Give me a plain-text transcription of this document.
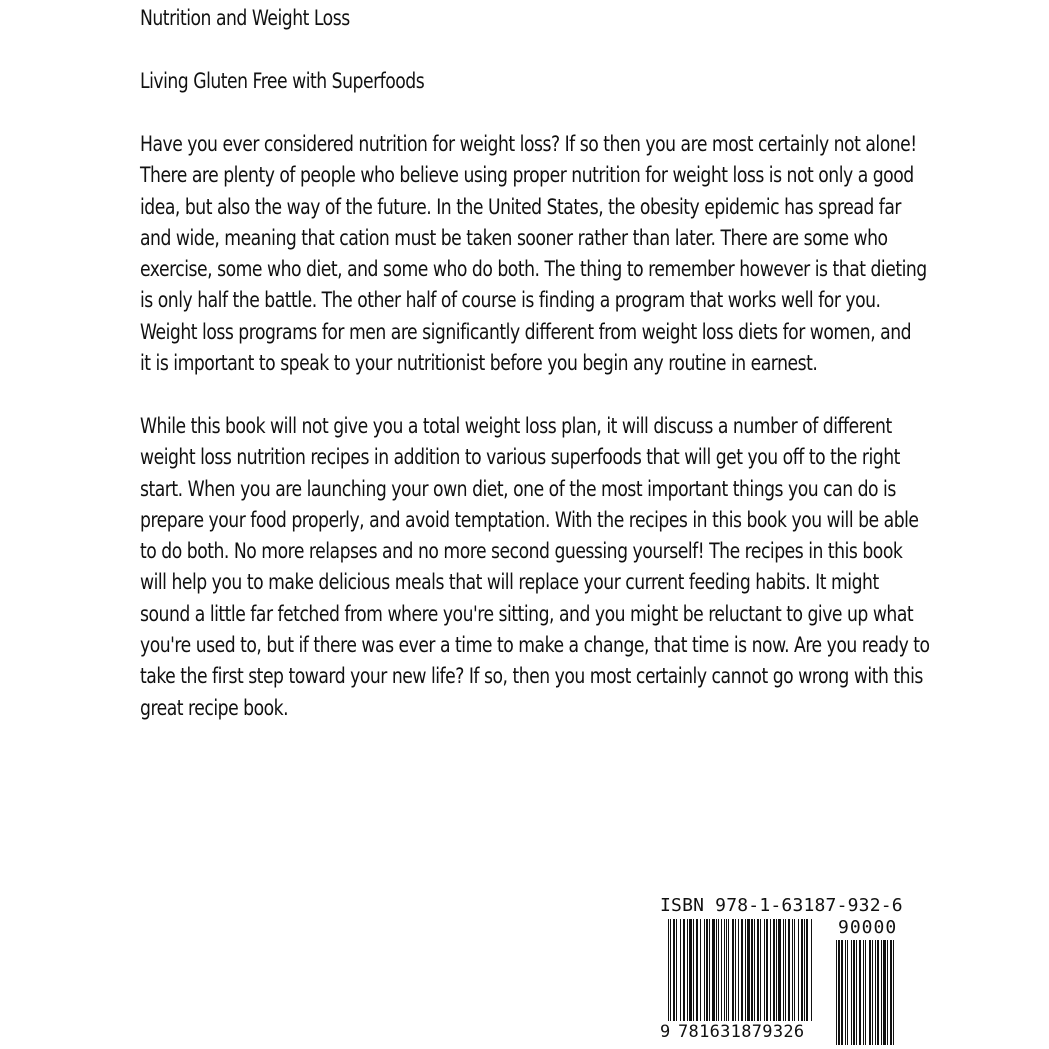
Nutrition and Weight Loss
Living Gluten Free with Superfoods

Have you ever considered nutrition for weight loss? If so then you are most certainly not alone!
There are plenty of people who believe using proper nutrition for weight loss is not only a good
idea, but also the way of the future. In the United States, the obesity epidemic has spread far
and wide, meaning that cation must be taken sooner rather than later. There are some who
exercise, some who diet, and some who do both. The thing to remember however is that dieting
is only half the battle. The other half of course is finding a program that works well for you.
Weight loss programs for men are significantly different from weight loss diets for women, and
it is important to speak to your nutritionist before you begin any routine in earnest.

While this book will not give you a total weight loss plan, it will discuss a number of different
weight loss nutrition recipes in addition to various superfoods that will get you off to the right
start. When you are launching your own diet, one of the most important things you can do is
prepare your food properly, and avoid temptation. With the recipes in this book you will be able
to do both. No more relapses and no more second guessing yourself! The recipes in this book
will help you to make delicious meals that will replace your current feeding habits. It might
sound a little far fetched from where you're sitting, and you might be reluctant to give up what
you're used to, but if there was ever a time to make a change, that time is now. Are you ready to
take the first step toward your new life? If so, then you most certainly cannot go wrong with this
great recipe book.

ISBN 978-1-63187-932-6
90000
9 781631879326
